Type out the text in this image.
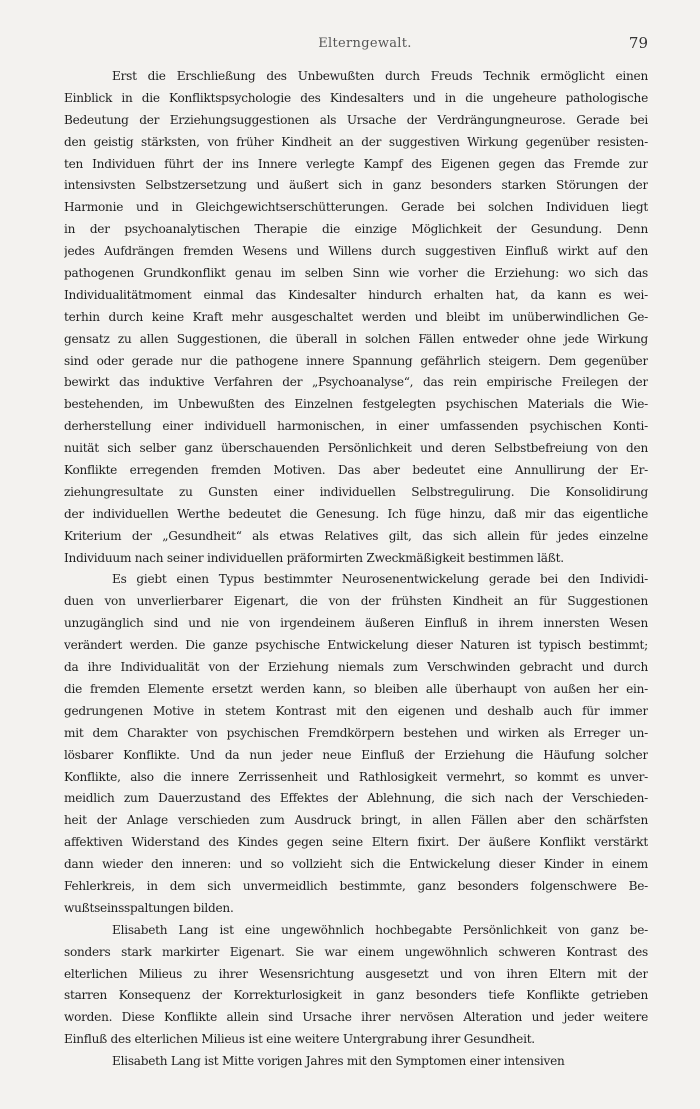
Elterngewalt.	79
Erst die Erschließung des Unbewußten durch Freuds Technik ermöglicht einen
Einblick in die Konfliktspsychologie des Kindesalters und in die ungeheure pathologische
Bedeutung der Erziehungsuggestionen als Ursache der Verdrängungneurose. Gerade bei
den geistig stärksten, von früher Kindheit an der suggestiven Wirkung gegenüber resisten-
ten Individuen führt der ins Innere verlegte Kampf des Eigenen gegen das Fremde zur
intensivsten Selbstzersetzung und äußert sich in ganz besonders starken Störungen der
Harmonie und in Gleichgewichtserschütterungen. Gerade bei solchen Individuen liegt
in der psychoanalytischen Therapie die einzige Möglichkeit der Gesundung. Denn
jedes Aufdrängen fremden Wesens und Willens durch suggestiven Einfluß wirkt auf den
pathogenen Grundkonflikt genau im selben Sinn wie vorher die Erziehung: wo sich das
Individualitätmoment einmal das Kindesalter hindurch erhalten hat, da kann es wei-
terhin durch keine Kraft mehr ausgeschaltet werden und bleibt im unüberwindlichen Ge-
gensatz zu allen Suggestionen, die überall in solchen Fällen entweder ohne jede Wirkung
sind oder gerade nur die pathogene innere Spannung gefährlich steigern. Dem gegenüber
bewirkt das induktive Verfahren der „Psychoanalyse“, das rein empirische Freilegen der
bestehenden, im Unbewußten des Einzelnen festgelegten psychischen Materials die Wie-
derherstellung einer individuell harmonischen, in einer umfassenden psychischen Konti-
nuität sich selber ganz überschauenden Persönlichkeit und deren Selbstbefreiung von den
Konflikte erregenden fremden Motiven. Das aber bedeutet eine Annullirung der Er-
ziehungresultate zu Gunsten einer individuellen Selbstregulirung. Die Konsolidirung
der individuellen Werthe bedeutet die Genesung. Ich füge hinzu, daß mir das eigentliche
Kriterium der „Gesundheit“ als etwas Relatives gilt, das sich allein für jedes einzelne
Individuum nach seiner individuellen präformirten Zweckmäßigkeit bestimmen läßt.
Es giebt einen Typus bestimmter Neurosenentwickelung gerade bei den Individi-
duen von unverlierbarer Eigenart, die von der frühsten Kindheit an für Suggestionen
unzugänglich sind und nie von irgendeinem äußeren Einfluß in ihrem innersten Wesen
verändert werden. Die ganze psychische Entwickelung dieser Naturen ist typisch bestimmt;
da ihre Individualität von der Erziehung niemals zum Verschwinden gebracht und durch
die fremden Elemente ersetzt werden kann, so bleiben alle überhaupt von außen her ein-
gedrungenen Motive in stetem Kontrast mit den eigenen und deshalb auch für immer
mit dem Charakter von psychischen Fremdkörpern bestehen und wirken als Erreger un-
lösbarer Konflikte. Und da nun jeder neue Einfluß der Erziehung die Häufung solcher
Konflikte, also die innere Zerrissenheit und Rathlosigkeit vermehrt, so kommt es unver-
meidlich zum Dauerzustand des Effektes der Ablehnung, die sich nach der Verschieden-
heit der Anlage verschieden zum Ausdruck bringt, in allen Fällen aber den schärfsten
affektiven Widerstand des Kindes gegen seine Eltern fixirt. Der äußere Konflikt verstärkt
dann wieder den inneren: und so vollzieht sich die Entwickelung dieser Kinder in einem
Fehlerkreis, in dem sich unvermeidlich bestimmte, ganz besonders folgenschwere Be-
wußtseinsspaltungen bilden.
Elisabeth Lang ist eine ungewöhnlich hochbegabte Persönlichkeit von ganz be-
sonders stark markirter Eigenart. Sie war einem ungewöhnlich schweren Kontrast des
elterlichen Milieus zu ihrer Wesensrichtung ausgesetzt und von ihren Eltern mit der
starren Konsequenz der Korrekturlosigkeit in ganz besonders tiefe Konflikte getrieben
worden. Diese Konflikte allein sind Ursache ihrer nervösen Alteration und jeder weitere
Einfluß des elterlichen Milieus ist eine weitere Untergrabung ihrer Gesundheit.
Elisabeth Lang ist Mitte vorigen Jahres mit den Symptomen einer intensiven
